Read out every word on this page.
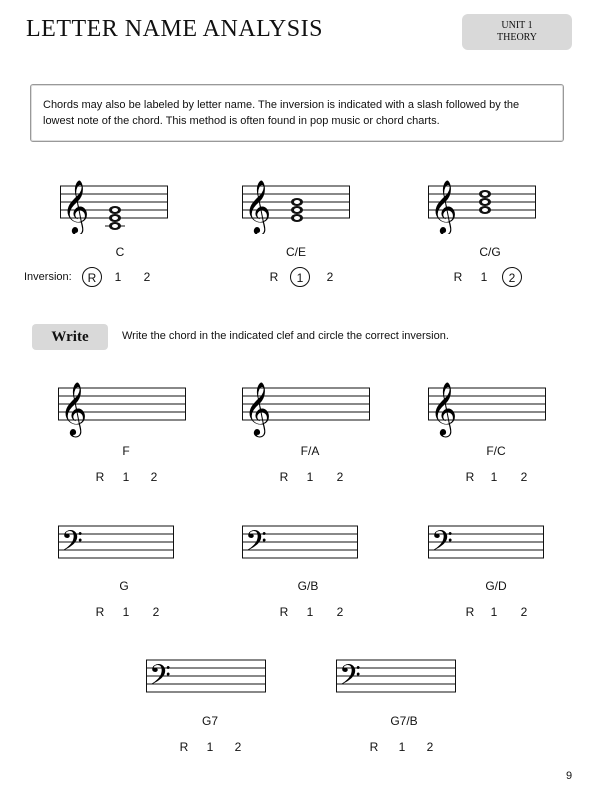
LETTER NAME ANALYSIS	UNIT 1
THEORY
Chords may also be labeled by letter name. The inversion is indicated with a slash followed by the lowest note of the chord. This method is often found in pop music or chord charts.
𝄞	𝄞	𝄞
C	C/E	C/G
Inversion:	R	1	2	R	1	2	R	1	2
Write	Write the chord in the indicated clef and circle the correct inversion.
𝄞	𝄞	𝄞
F	F/A	F/C
R	1	2	R	1	2	R	1	2
𝄢	𝄢	𝄢
G	G/B	G/D
R	1	2	R	1	2	R	1	2
𝄢	𝄢
G7	G7/B
R	1	2	R	1	2
9
